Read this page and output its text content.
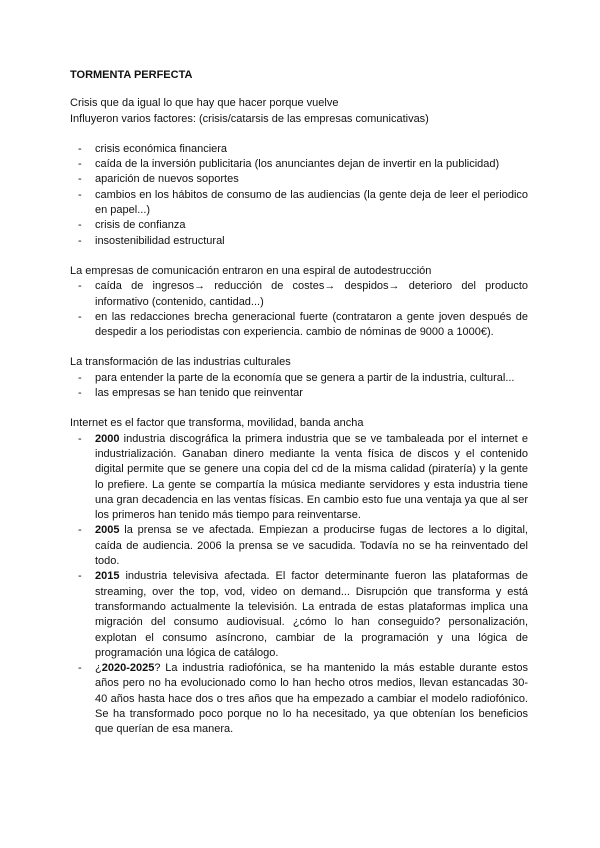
TORMENTA PERFECTA

Crisis que da igual lo que hay que hacer porque vuelve

Influyeron varios factores: (crisis/catarsis de las empresas comunicativas)

- crisis económica financiera
- caída de la inversión publicitaria (los anunciantes dejan de invertir en la publicidad)
- aparición de nuevos soportes
- cambios en los hábitos de consumo de las audiencias (la gente deja de leer el periodico en papel...)
- crisis de confianza
- insostenibilidad estructural

La empresas de comunicación entraron en una espiral de autodestrucción

- caída de ingresos→ reducción de costes→ despidos→ deterioro del producto informativo (contenido, cantidad...)
- en las redacciones brecha generacional fuerte (contrataron a gente joven después de despedir a los periodistas con experiencia. cambio de nóminas de 9000 a 1000€).

La transformación de las industrias culturales

- para entender la parte de la economía que se genera a partir de la industria, cultural...
- las empresas se han tenido que reinventar

Internet es el factor que transforma, movilidad, banda ancha

- 2000 industria discográfica la primera industria que se ve tambaleada por el internet e industrialización. Ganaban dinero mediante la venta física de discos y el contenido digital permite que se genere una copia del cd de la misma calidad (piratería) y la gente lo prefiere. La gente se compartía la música mediante servidores y esta industria tiene una gran decadencia en las ventas físicas. En cambio esto fue una ventaja ya que al ser los primeros han tenido más tiempo para reinventarse.
- 2005 la prensa se ve afectada. Empiezan a producirse fugas de lectores a lo digital, caída de audiencia. 2006 la prensa se ve sacudida. Todavía no se ha reinventado del todo.
- 2015 industria televisiva afectada. El factor determinante fueron las plataformas de streaming, over the top, vod, video on demand... Disrupción que transforma y está transformando actualmente la televisión. La entrada de estas plataformas implica una migración del consumo audiovisual. ¿cómo lo han conseguido? personalización, explotan el consumo asíncrono, cambiar de la programación y una lógica de programación una lógica de catálogo.
- ¿2020-2025? La industria radiofónica, se ha mantenido la más estable durante estos años pero no ha evolucionado como lo han hecho otros medios, llevan estancadas 30-40 años hasta hace dos o tres años que ha empezado a cambiar el modelo radiofónico. Se ha transformado poco porque no lo ha necesitado, ya que obtenían los beneficios que querían de esa manera.
